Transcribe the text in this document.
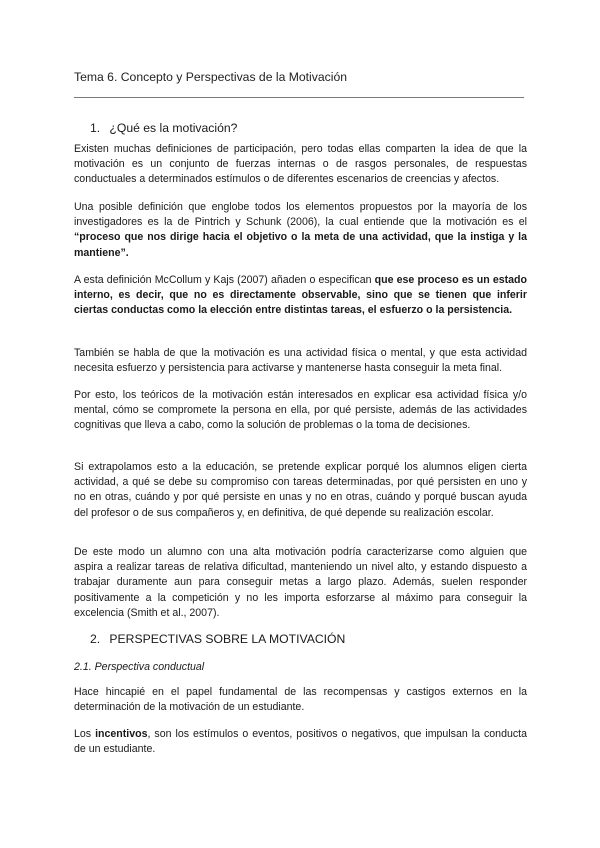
Tema 6. Concepto y Perspectivas de la Motivación
1. ¿Qué es la motivación?

Existen muchas definiciones de participación, pero todas ellas comparten la idea de que la motivación es un conjunto de fuerzas internas o de rasgos personales, de respuestas conductuales a determinados estímulos o de diferentes escenarios de creencias y afectos.

Una posible definición que englobe todos los elementos propuestos por la mayoría de los investigadores es la de Pintrich y Schunk (2006), la cual entiende que la motivación es el “proceso que nos dirige hacia el objetivo o la meta de una actividad, que la instiga y la mantiene”.

A esta definición McCollum y Kajs (2007) añaden o especifican que ese proceso es un estado interno, es decir, que no es directamente observable, sino que se tienen que inferir ciertas conductas como la elección entre distintas tareas, el esfuerzo o la persistencia.

También se habla de que la motivación es una actividad física o mental, y que esta actividad necesita esfuerzo y persistencia para activarse y mantenerse hasta conseguir la meta final.

Por esto, los teóricos de la motivación están interesados en explicar esa actividad física y/o mental, cómo se compromete la persona en ella, por qué persiste, además de las actividades cognitivas que lleva a cabo, como la solución de problemas o la toma de decisiones.

Si extrapolamos esto a la educación, se pretende explicar porqué los alumnos eligen cierta actividad, a qué se debe su compromiso con tareas determinadas, por qué persisten en uno y no en otras, cuándo y por qué persiste en unas y no en otras, cuándo y porqué buscan ayuda del profesor o de sus compañeros y, en definitiva, de qué depende su realización escolar.

De este modo un alumno con una alta motivación podría caracterizarse como alguien que aspira a realizar tareas de relativa dificultad, manteniendo un nivel alto, y estando dispuesto a trabajar duramente aun para conseguir metas a largo plazo. Además, suelen responder positivamente a la competición y no les importa esforzarse al máximo para conseguir la excelencia (Smith et al., 2007).

2. PERSPECTIVAS SOBRE LA MOTIVACIÓN
2.1. Perspectiva conductual

Hace hincapié en el papel fundamental de las recompensas y castigos externos en la determinación de la motivación de un estudiante.

Los incentivos, son los estímulos o eventos, positivos o negativos, que impulsan la conducta de un estudiante.
